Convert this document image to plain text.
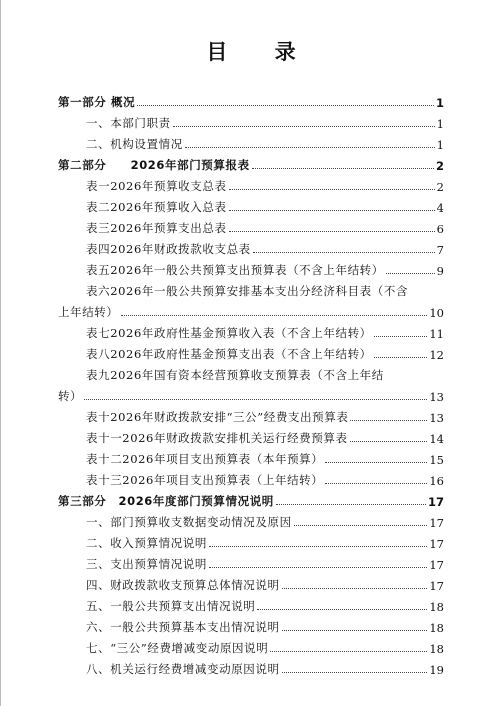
目 录
第一部分 概况	1
一、本部门职责	1
二、机构设置情况	1
第二部分　　2026年部门预算报表	2
表一2026年预算收支总表	2
表二2026年预算收入总表	4
表三2026年预算支出总表	6
表四2026年财政拨款收支总表	7
表五2026年一般公共预算支出预算表（不含上年结转）	9
表六2026年一般公共预算安排基本支出分经济科目表（不含
上年结转）	10
表七2026年政府性基金预算收入表（不含上年结转）	11
表八2026年政府性基金预算支出表（不含上年结转）	12
表九2026年国有资本经营预算收支预算表（不含上年结
转）	13
表十2026年财政拨款安排“三公”经费支出预算表	13
表十一2026年财政拨款安排机关运行经费预算表	14
表十二2026年项目支出预算表（本年预算）	15
表十三2026年项目支出预算表（上年结转）	16
第三部分　2026年度部门预算情况说明	17
一、部门预算收支数据变动情况及原因	17
二、收入预算情况说明	17
三、支出预算情况说明	17
四、财政拨款收支预算总体情况说明	17
五、一般公共预算支出情况说明	18
六、一般公共预算基本支出情况说明	18
七、“三公”经费增减变动原因说明	18
八、机关运行经费增减变动原因说明	19
